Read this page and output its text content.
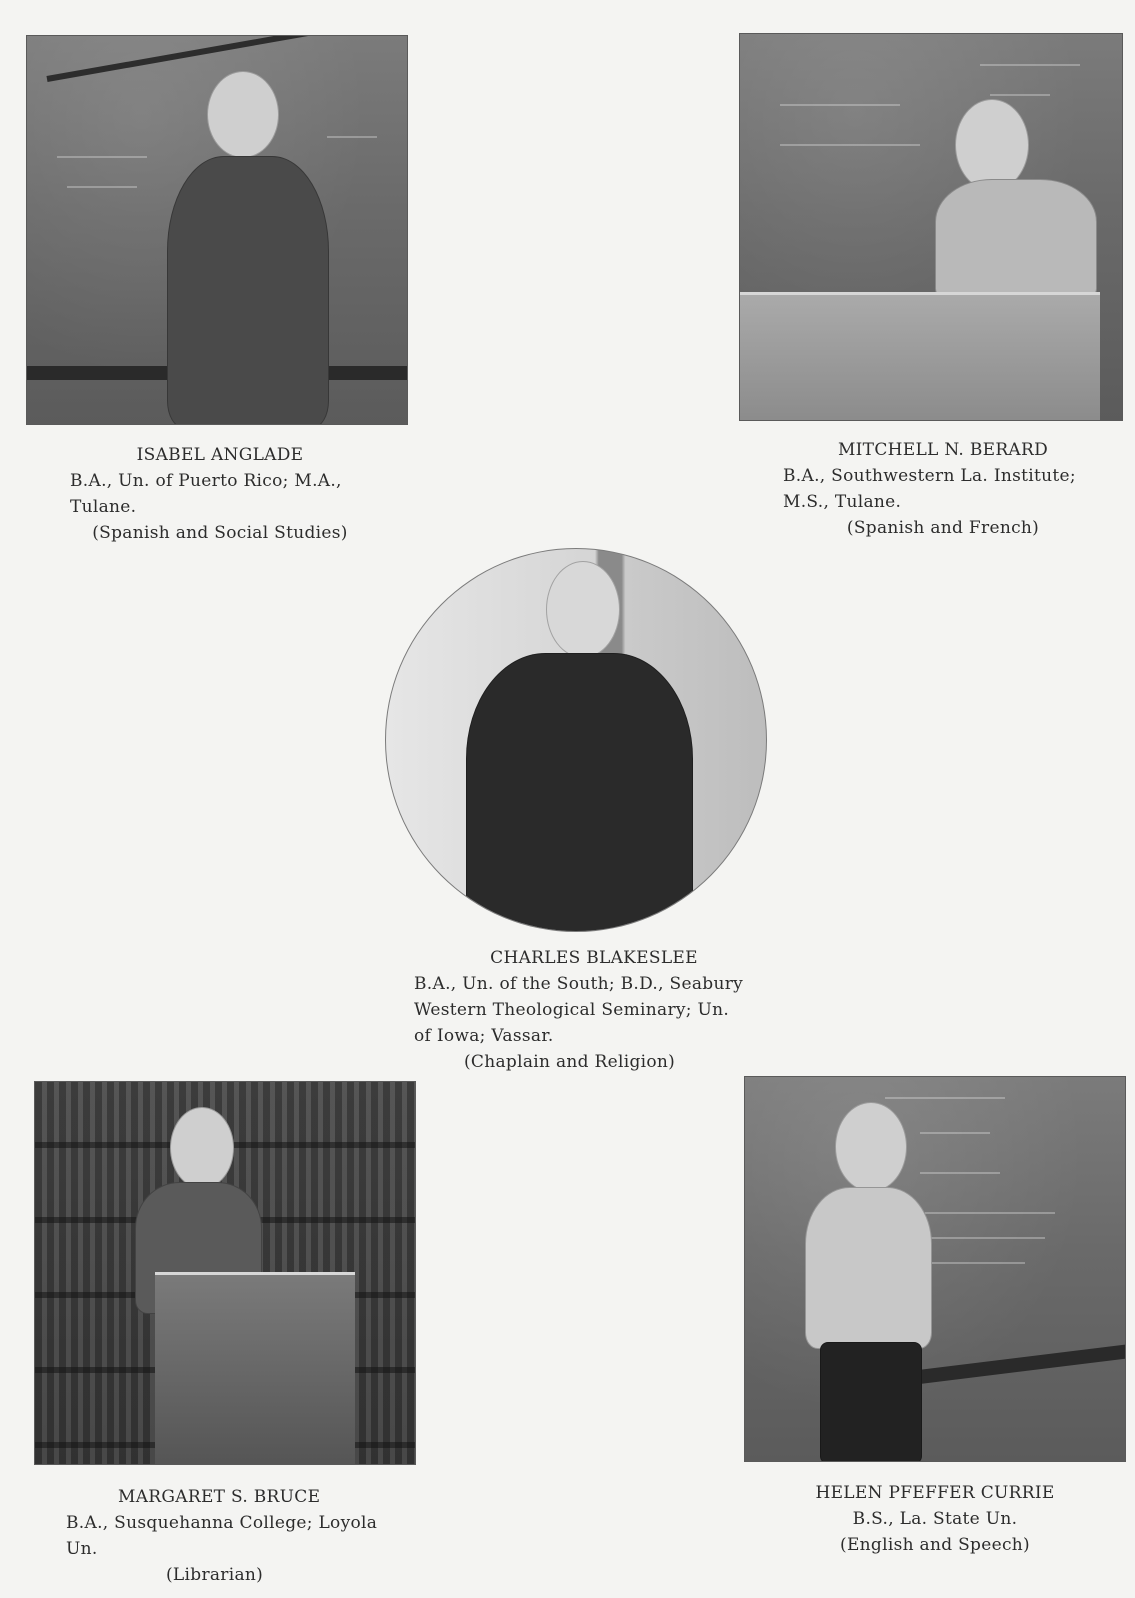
ISABEL ANGLADE
B.A., Un. of Puerto Rico; M.A.,
Tulane.
(Spanish and Social Studies)
MITCHELL N. BERARD
B.A., Southwestern La. Institute;
M.S., Tulane.
(Spanish and French)
CHARLES BLAKESLEE
B.A., Un. of the South; B.D., Seabury
Western Theological Seminary; Un.
of Iowa; Vassar.
(Chaplain and Religion)
MARGARET S. BRUCE
B.A., Susquehanna College; Loyola
Un.
(Librarian)
HELEN PFEFFER CURRIE
B.S., La. State Un.
(English and Speech)
